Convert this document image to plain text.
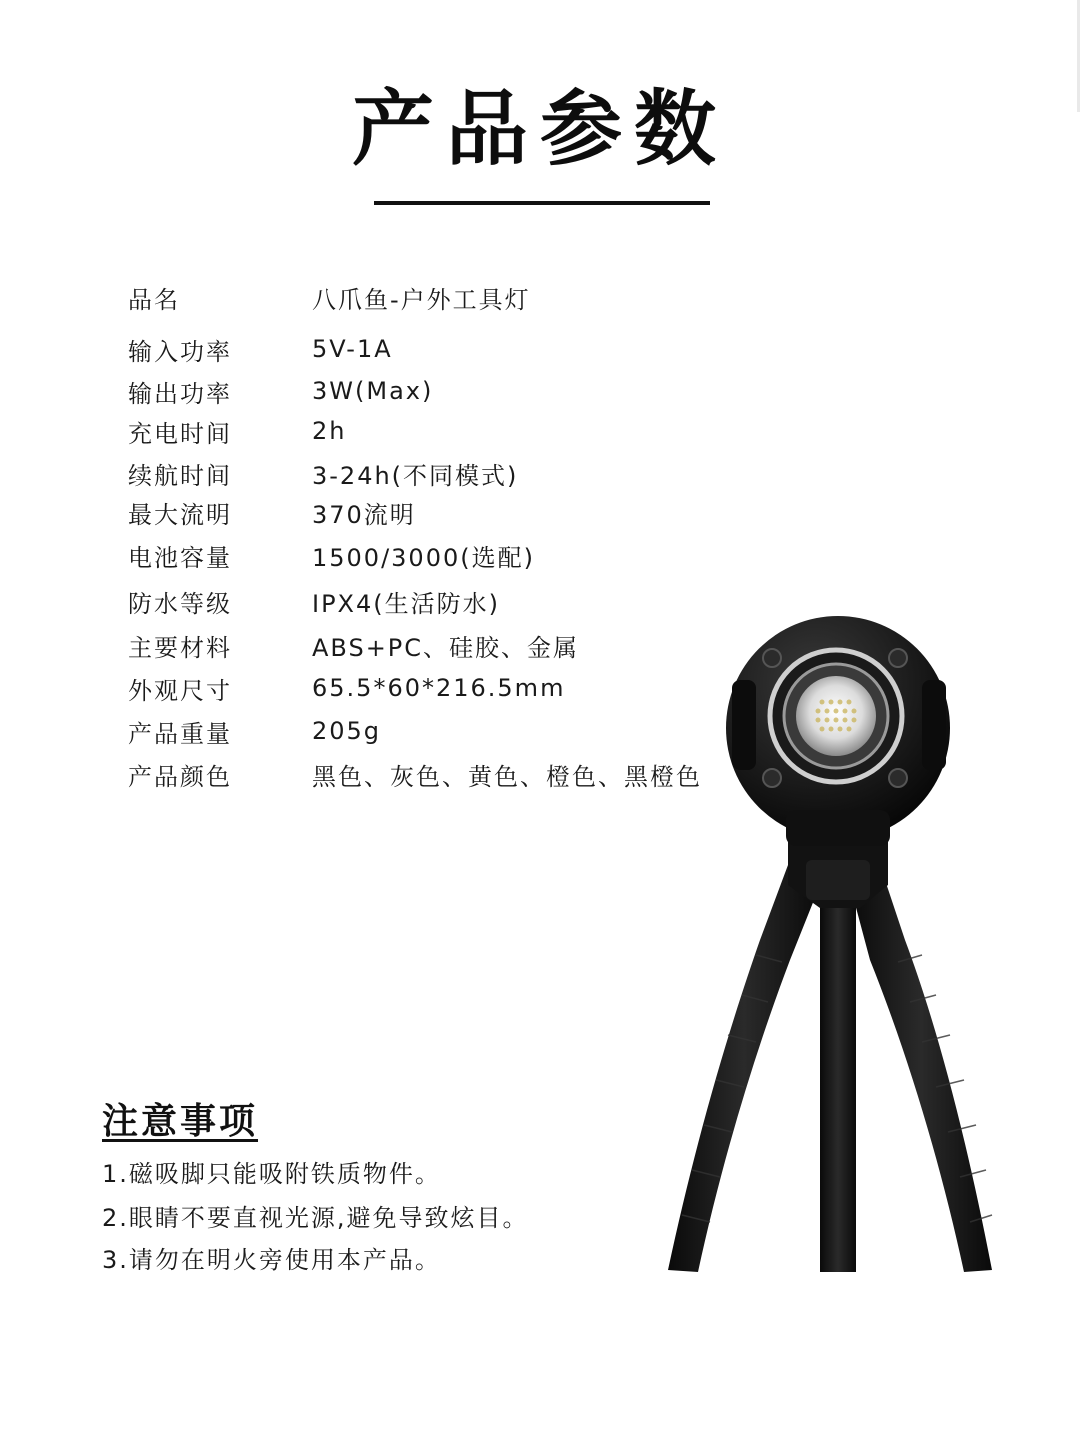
产品参数
品名	八爪鱼-户外工具灯
输入功率	5V-1A
输出功率	3W(Max)
充电时间	2h
续航时间	3-24h(不同模式)
最大流明	370流明
电池容量	1500/3000(选配)
防水等级	IPX4(生活防水)
主要材料	ABS+PC、硅胶、金属
外观尺寸	65.5*60*216.5mm
产品重量	205g
产品颜色	黑色、灰色、黄色、橙色、黑橙色
注意事项
1.磁吸脚只能吸附铁质物件。
2.眼睛不要直视光源,避免导致炫目。
3.请勿在明火旁使用本产品。
